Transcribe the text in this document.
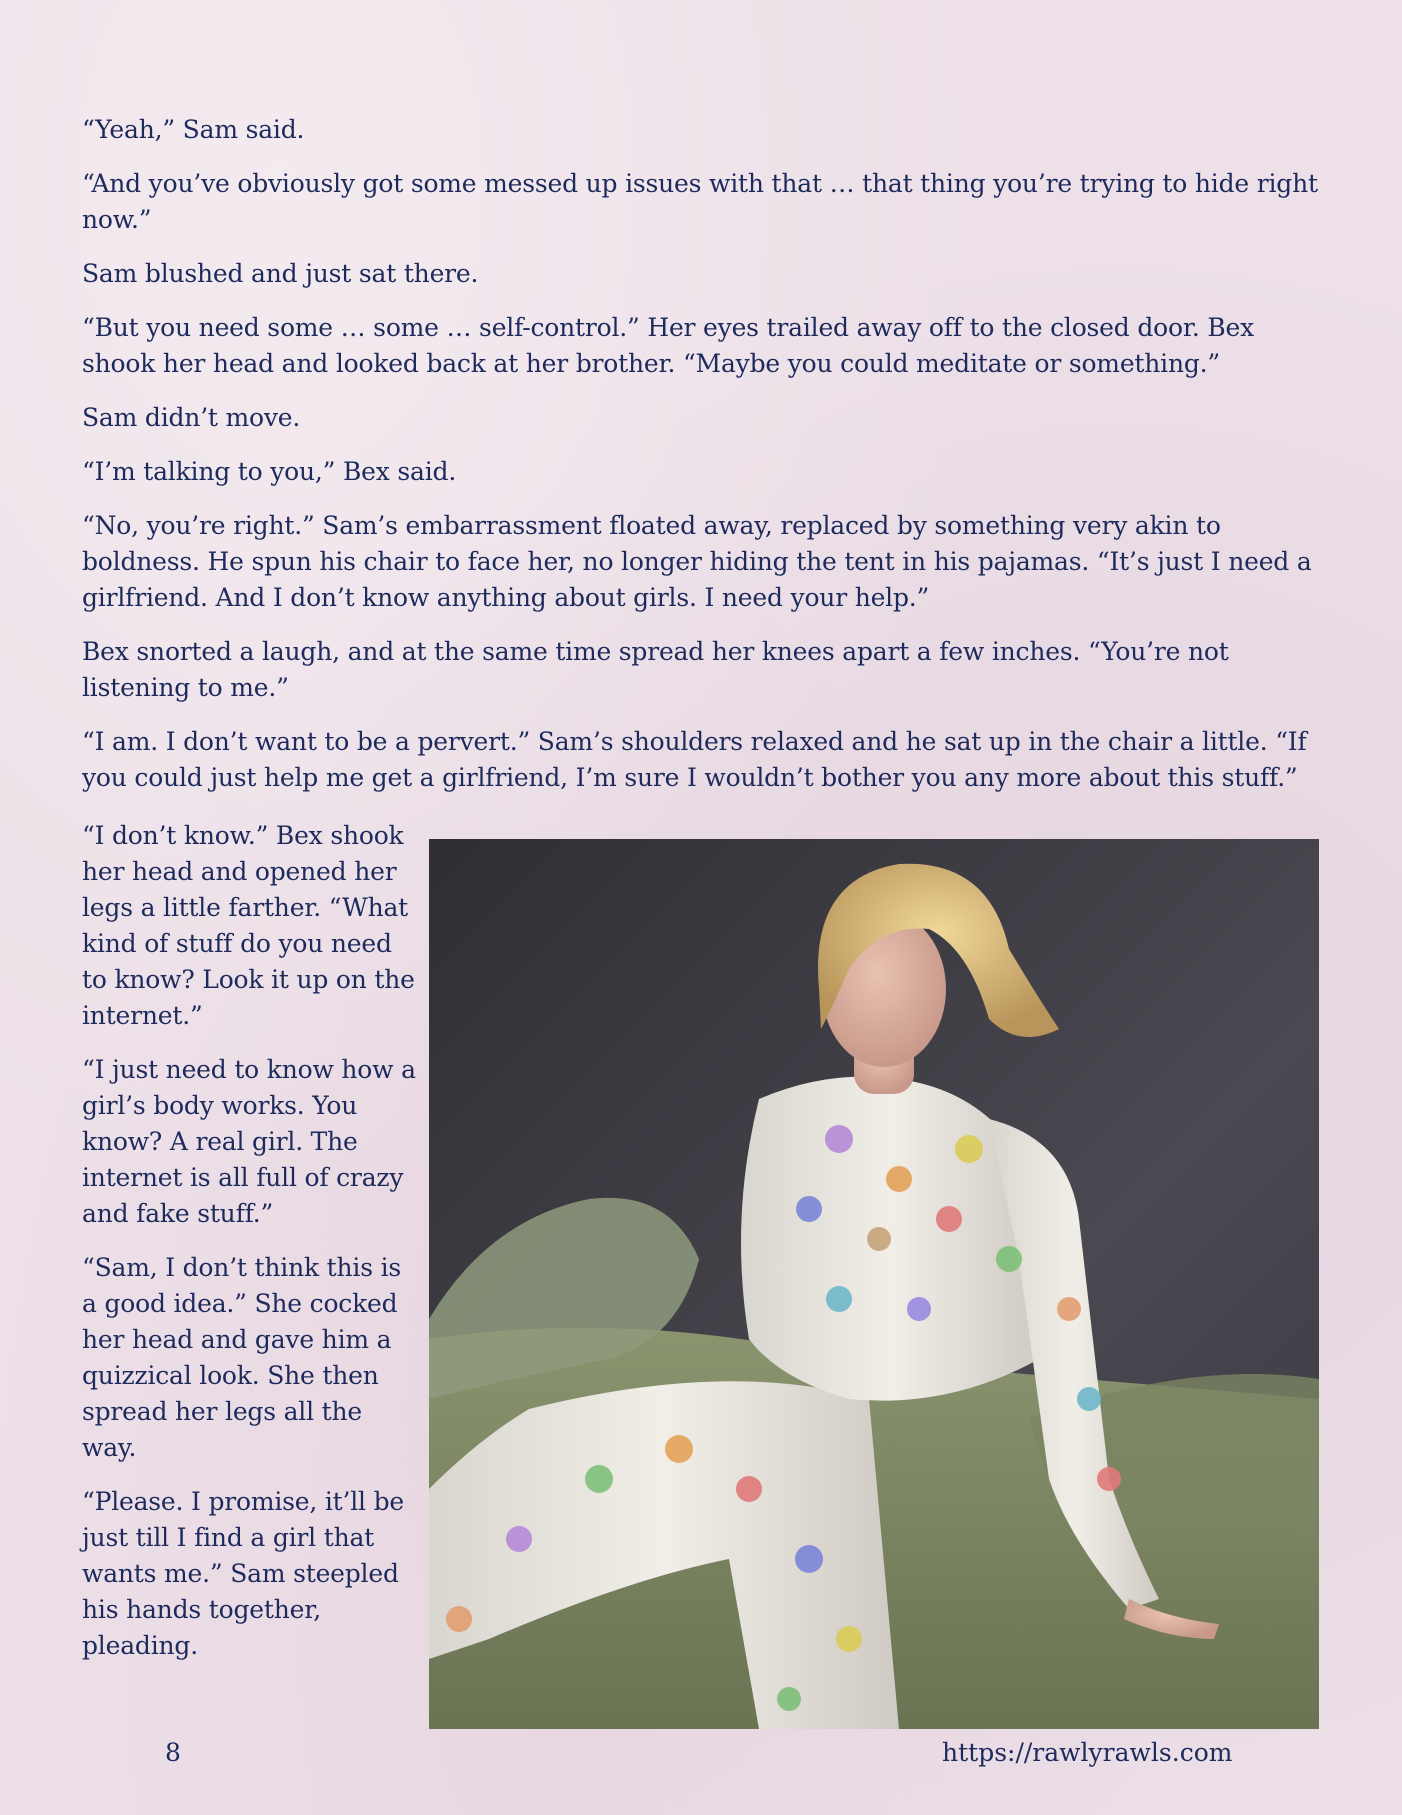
“Yeah,” Sam said.

“And you’ve obviously got some messed up issues with that … that thing you’re trying to hide right now.”

Sam blushed and just sat there.

“But you need some … some … self-control.” Her eyes trailed away off to the closed door. Bex shook her head and looked back at her brother. “Maybe you could meditate or something.”

Sam didn’t move.

“I’m talking to you,” Bex said.

“No, you’re right.” Sam’s embarrassment floated away, replaced by something very akin to boldness. He spun his chair to face her, no longer hiding the tent in his pajamas. “It’s just I need a girlfriend. And I don’t know anything about girls. I need your help.”

Bex snorted a laugh, and at the same time spread her knees apart a few inches. “You’re not listening to me.”

“I am. I don’t want to be a pervert.” Sam’s shoulders relaxed and he sat up in the chair a little. “If you could just help me get a girlfriend, I’m sure I wouldn’t bother you any more about this stuff.”

“I don’t know.” Bex shook her head and opened her legs a little farther. “What kind of stuff do you need to know? Look it up on the internet.”

“I just need to know how a girl’s body works. You know? A real girl. The internet is all full of crazy and fake stuff.”

“Sam, I don’t think this is a good idea.” She cocked her head and gave him a quizzical look. She then spread her legs all the way.

“Please. I promise, it’ll be just till I find a girl that wants me.” Sam steepled his hands together, pleading.

8	https://rawlyrawls.com
